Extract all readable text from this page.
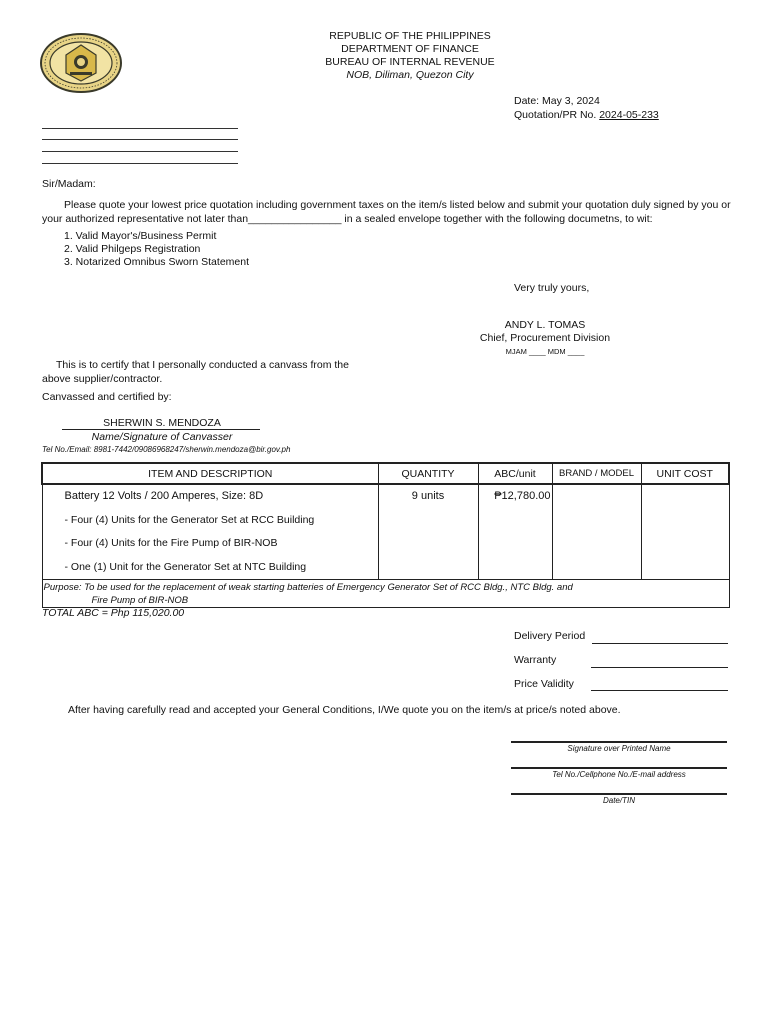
REPUBLIC OF THE PHILIPPINES
DEPARTMENT OF FINANCE
BUREAU OF INTERNAL REVENUE
NOB, Diliman, Quezon City
Date: May 3, 2024
Quotation/PR No. 2024-05-233
Sir/Madam:
Please quote your lowest price quotation including government taxes on the item/s listed below and submit your quotation duly signed by you or your authorized representative not later than________________ in a sealed envelope together with the following documetns, to wit:
1. Valid Mayor's/Business Permit
2. Valid Philgeps Registration
3. Notarized Omnibus Sworn Statement
Very truly yours,
ANDY L. TOMAS
Chief, Procurement Division
MJAM ____ MDM ____
This is to certify that I personally conducted a canvass from the above supplier/contractor.
Canvassed and certified by:
SHERWIN S. MENDOZA
Name/Signature of Canvasser
Tel No./Email: 8981-7442/09086968247/sherwin.mendoza@bir.gov.ph
ITEM AND DESCRIPTION	QUANTITY	ABC/unit	BRAND / MODEL	UNIT COST

Battery 12 Volts / 200 Amperes, Size: 8D
- Four (4) Units for the Generator Set at RCC Building
- Four (4) Units for the Fire Pump of BIR-NOB
- One (1) Unit for the Generator Set at NTC Building	9 units	₱12,780.00		

Purpose: To be used for the replacement of weak starting batteries of Emergency Generator Set of RCC Bldg., NTC Bldg. and
Fire Pump of BIR-NOB				
TOTAL ABC = Php 115,020.00
Delivery Period
Warranty
Price Validity
After having carefully read and accepted your General Conditions, I/We quote you on the item/s at price/s noted above.
Signature over Printed Name
Tel No./Cellphone No./E-mail address
Date/TIN
